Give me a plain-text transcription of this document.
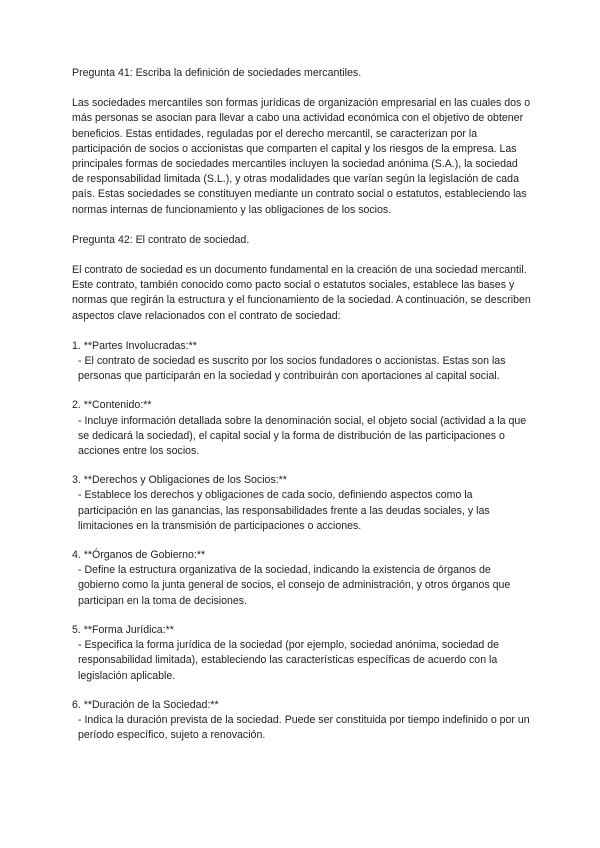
Pregunta 41: Escriba la definición de sociedades mercantiles.

Las sociedades mercantiles son formas jurídicas de organización empresarial en las cuales dos o más personas se asocian para llevar a cabo una actividad económica con el objetivo de obtener beneficios. Estas entidades, reguladas por el derecho mercantil, se caracterizan por la participación de socios o accionistas que comparten el capital y los riesgos de la empresa. Las principales formas de sociedades mercantiles incluyen la sociedad anónima (S.A.), la sociedad de responsabilidad limitada (S.L.), y otras modalidades que varían según la legislación de cada país. Estas sociedades se constituyen mediante un contrato social o estatutos, estableciendo las normas internas de funcionamiento y las obligaciones de los socios.

Pregunta 42: El contrato de sociedad.

El contrato de sociedad es un documento fundamental en la creación de una sociedad mercantil. Este contrato, también conocido como pacto social o estatutos sociales, establece las bases y normas que regirán la estructura y el funcionamiento de la sociedad. A continuación, se describen aspectos clave relacionados con el contrato de sociedad:

1. **Partes Involucradas:**
- El contrato de sociedad es suscrito por los socios fundadores o accionistas. Estas son las personas que participarán en la sociedad y contribuirán con aportaciones al capital social.
2. **Contenido:**
- Incluye información detallada sobre la denominación social, el objeto social (actividad a la que se dedicará la sociedad), el capital social y la forma de distribución de las participaciones o acciones entre los socios.
3. **Derechos y Obligaciones de los Socios:**
- Establece los derechos y obligaciones de cada socio, definiendo aspectos como la participación en las ganancias, las responsabilidades frente a las deudas sociales, y las limitaciones en la transmisión de participaciones o acciones.
4. **Órganos de Gobierno:**
- Define la estructura organizativa de la sociedad, indicando la existencia de órganos de gobierno como la junta general de socios, el consejo de administración, y otros órganos que participan en la toma de decisiones.
5. **Forma Jurídica:**
- Especifica la forma jurídica de la sociedad (por ejemplo, sociedad anónima, sociedad de responsabilidad limitada), estableciendo las características específicas de acuerdo con la legislación aplicable.
6. **Duración de la Sociedad:**
- Indica la duración prevista de la sociedad. Puede ser constituida por tiempo indefinido o por un período específico, sujeto a renovación.
